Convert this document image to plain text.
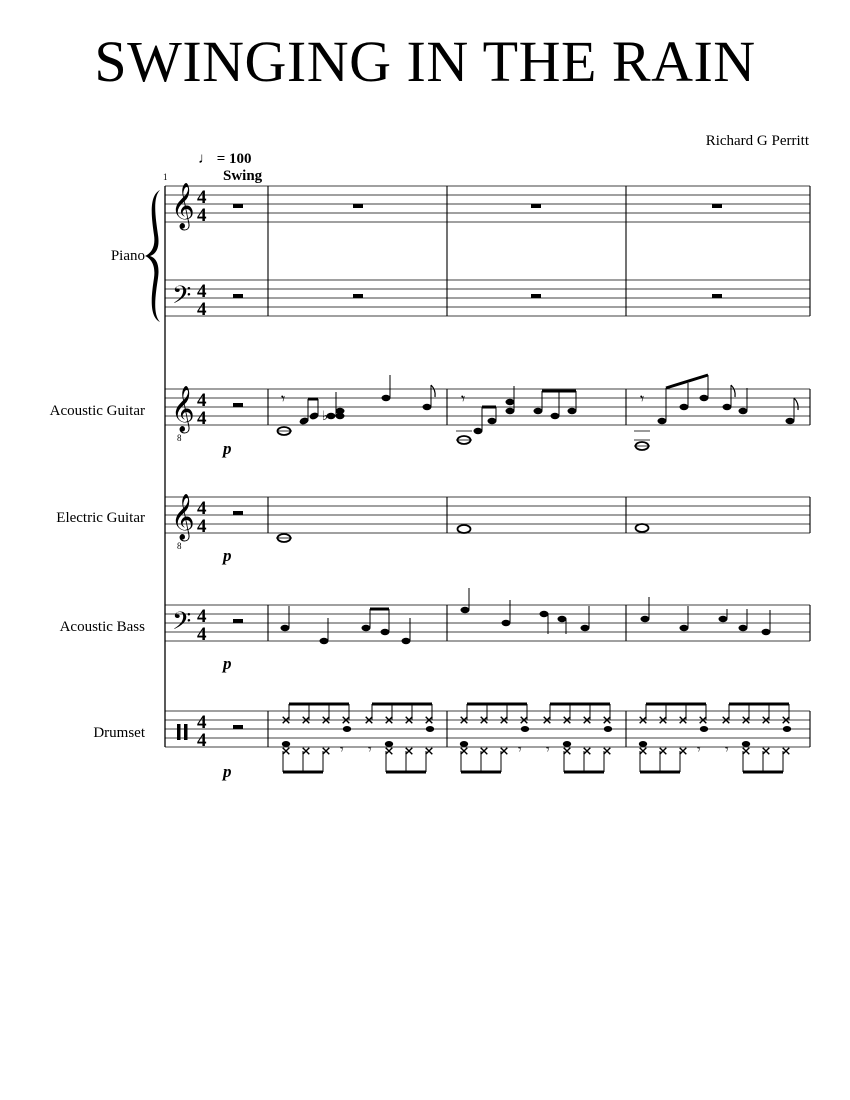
SWINGING IN THE RAIN
Richard G Perritt
♩ = 100
Swing
1
Piano
Acoustic Guitar
Electric Guitar
Acoustic Bass
Drumset
p
p
p
p
𝄞
𝄢
𝄞
𝄞
𝄢
8
8
4
4
4
4
4
4
4
4
4
4
4
4
𝄾
♭
𝄾	𝄾
𝄾 𝄾	𝄾 𝄾	𝄾 𝄾
